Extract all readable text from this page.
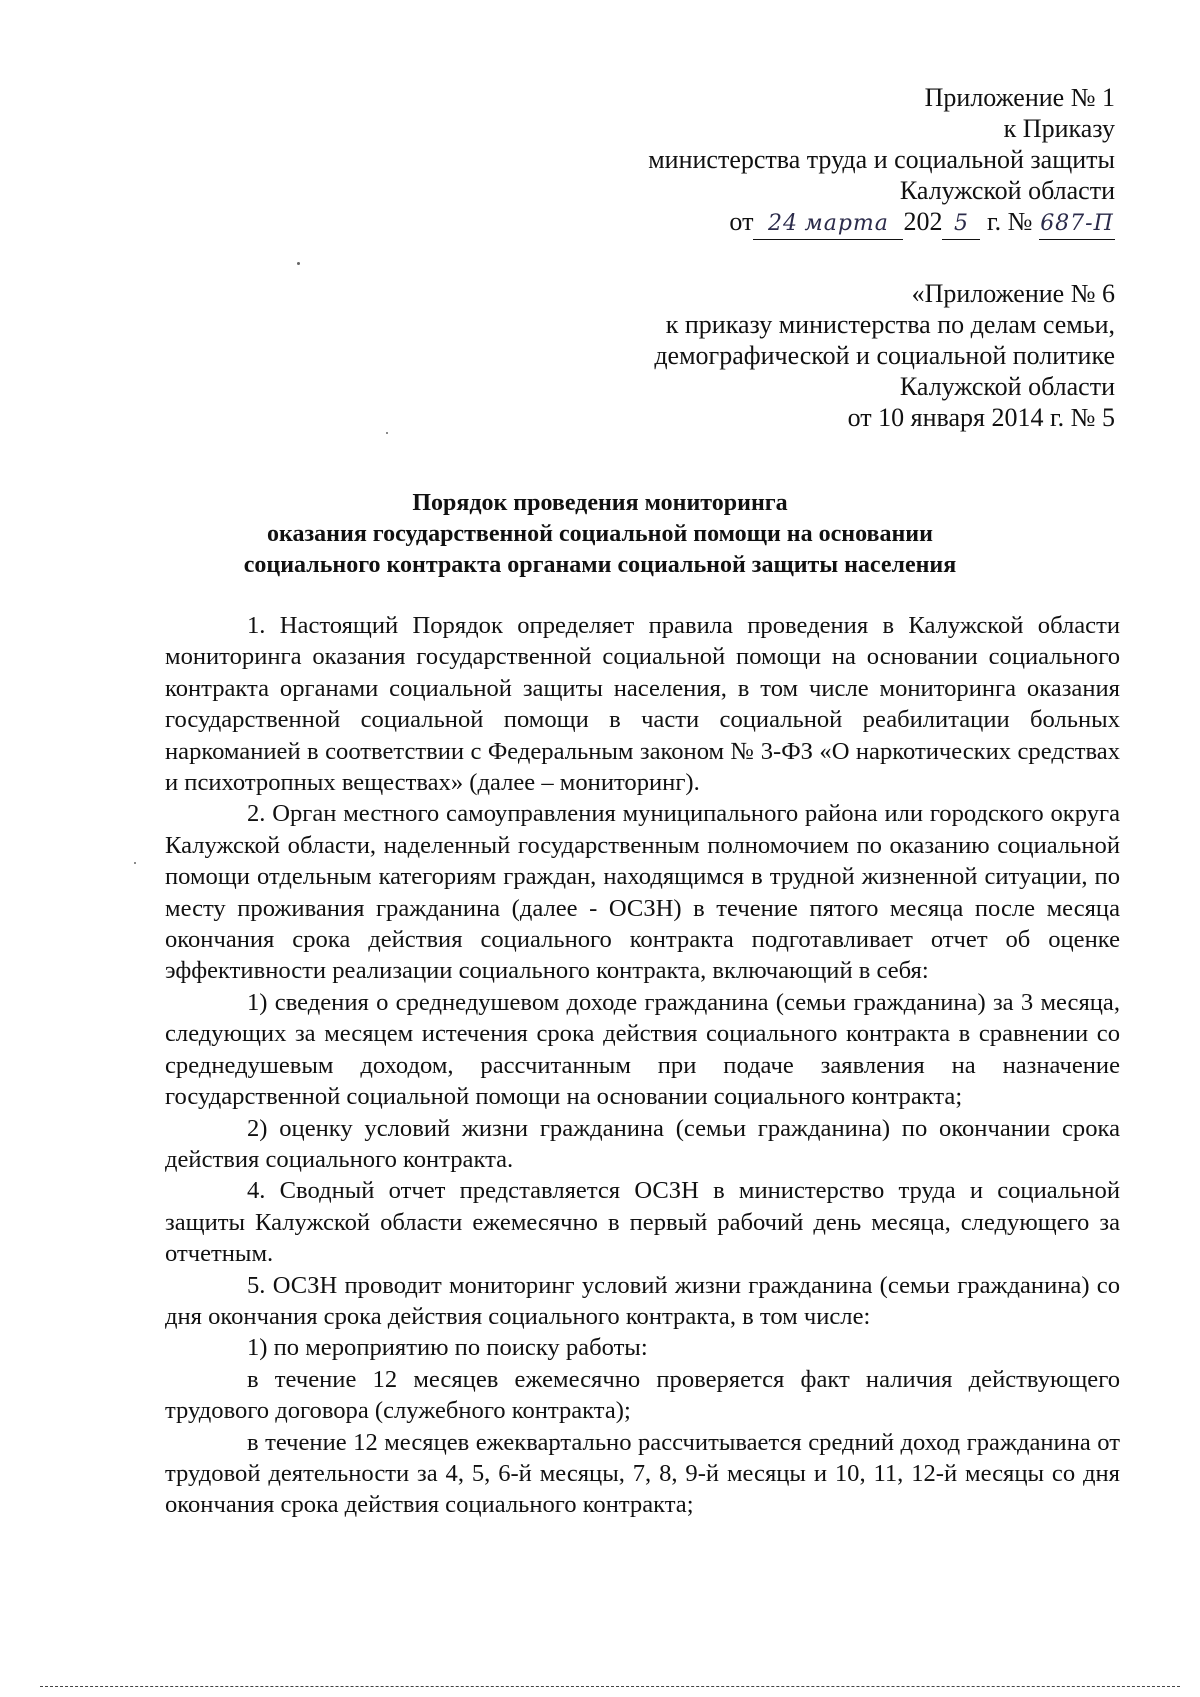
Приложение № 1
к Приказу
министерства труда и социальной защиты
Калужской области
от 24 марта 202 5 г. № 687-П
«Приложение № 6
к приказу министерства по делам семьи,
демографической и социальной политике
Калужской области
от 10 января 2014 г. № 5
Порядок проведения мониторинга
оказания государственной социальной помощи на основании
социального контракта органами социальной защиты населения

1. Настоящий Порядок определяет правила проведения в Калужской области мониторинга оказания государственной социальной помощи на основании социального контракта органами социальной защиты населения, в том числе мониторинга оказания государственной социальной помощи в части социальной реабилитации больных наркоманией в соответствии с Федеральным законом № 3-ФЗ «О наркотических средствах и психотропных веществах» (далее – мониторинг).

2. Орган местного самоуправления муниципального района или городского округа Калужской области, наделенный государственным полномочием по оказанию социальной помощи отдельным категориям граждан, находящимся в трудной жизненной ситуации, по месту проживания гражданина (далее - ОСЗН) в течение пятого месяца после месяца окончания срока действия социального контракта подготавливает отчет об оценке эффективности реализации социального контракта, включающий в себя:

1) сведения о среднедушевом доходе гражданина (семьи гражданина) за 3 месяца, следующих за месяцем истечения срока действия социального контракта в сравнении со среднедушевым доходом, рассчитанным при подаче заявления на назначение государственной социальной помощи на основании социального контракта;

2) оценку условий жизни гражданина (семьи гражданина) по окончании срока действия социального контракта.

4. Сводный отчет представляется ОСЗН в министерство труда и социальной защиты Калужской области ежемесячно в первый рабочий день месяца, следующего за отчетным.

5. ОСЗН проводит мониторинг условий жизни гражданина (семьи гражданина) со дня окончания срока действия социального контракта, в том числе:

1) по мероприятию по поиску работы:

в течение 12 месяцев ежемесячно проверяется факт наличия действующего трудового договора (служебного контракта);

в течение 12 месяцев ежеквартально рассчитывается средний доход гражданина от трудовой деятельности за 4, 5, 6-й месяцы, 7, 8, 9-й месяцы и 10, 11, 12-й месяцы со дня окончания срока действия социального контракта;
